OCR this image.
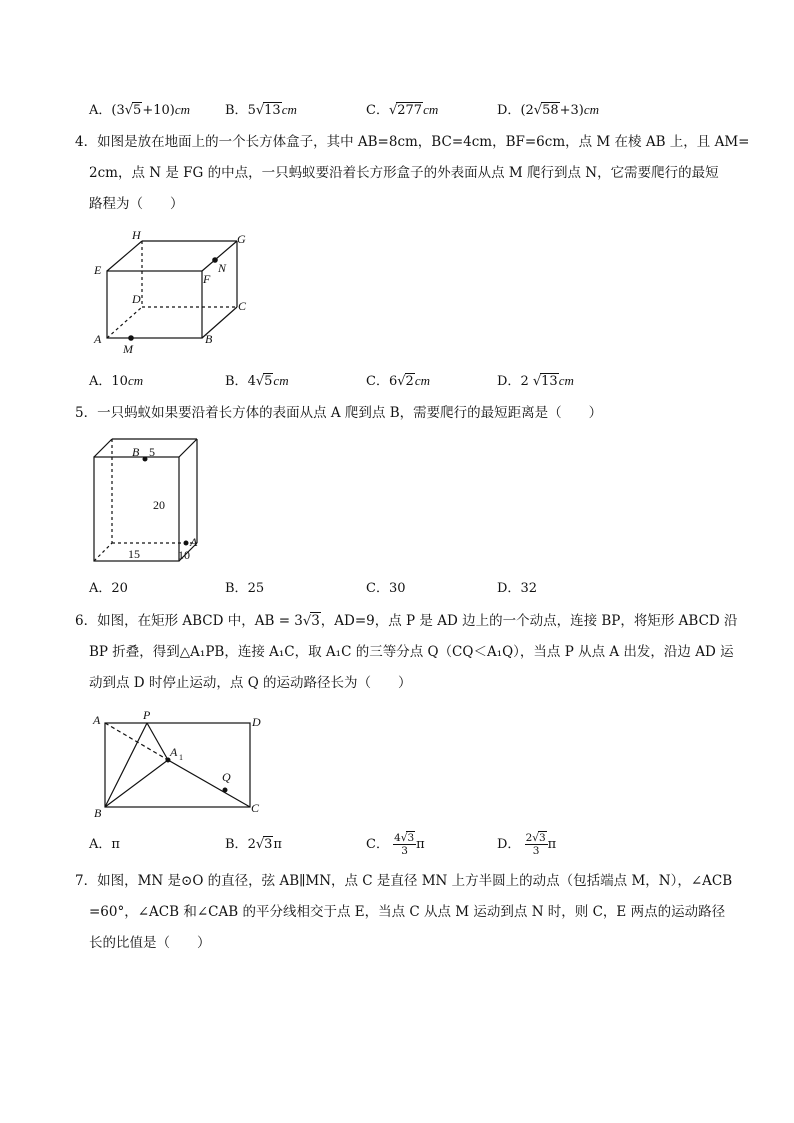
A．(3√5+10)cm	B．5√13cm	C．√277cm	D．(2√58+3)cm
4．如图是放在地面上的一个长方体盒子，其中 AB=8cm，BC=4cm，BF=6cm，点 M 在棱 AB 上，且 AM=
2cm，点 N 是 FG 的中点，一只蚂蚁要沿着长方形盒子的外表面从点 M 爬行到点 N，它需要爬行的最短
路程为（　　）
H	G
E	N
F
D	C
A	B
M
A．10cm	B．4√5cm	C．6√2cm	D．2 √13cm
5．一只蚂蚁如果要沿着长方体的表面从点 A 爬到点 B，需要爬行的最短距离是（　　）
B 5
20
A
15	10
A．20	B．25	C．30	D．32
6．如图，在矩形 ABCD 中，AB = 3√3，AD=9，点 P 是 AD 边上的一个动点，连接 BP，将矩形 ABCD 沿
BP 折叠，得到△A₁PB，连接 A₁C，取 A₁C 的三等分点 Q（CQ＜A₁Q），当点 P 从点 A 出发，沿边 AD 运
动到点 D 时停止运动，点 Q 的运动路径长为（　　）
A	P	D
A 1
Q
B	C
A．π	B．2√3π	C． $\frac{4√3}{3}$ π	D． $\frac{2√3}{3}$ π
7．如图，MN 是⊙O 的直径，弦 AB∥MN，点 C 是直径 MN 上方半圆上的动点（包括端点 M，N），∠ACB
=60°，∠ACB 和∠CAB 的平分线相交于点 E，当点 C 从点 M 运动到点 N 时，则 C，E 两点的运动路径
长的比值是（　　）
